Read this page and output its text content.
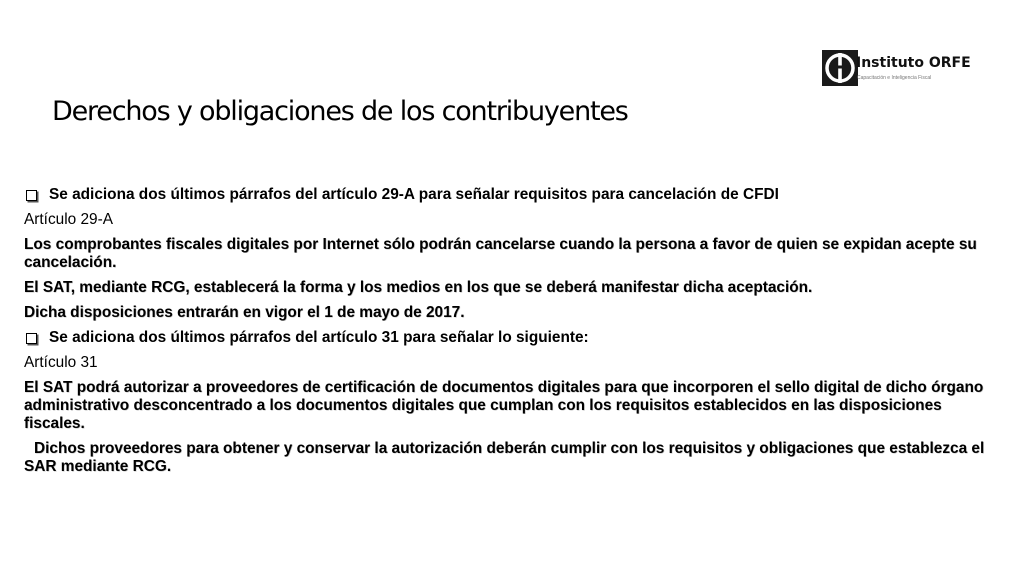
Instituto ORFE
Capacitación e Inteligencia Fiscal
Derechos y obligaciones de los contribuyentes

Se adiciona dos últimos párrafos del artículo 29-A para señalar requisitos para cancelación de CFDI

Artículo 29-A

Los comprobantes fiscales digitales por Internet sólo podrán cancelarse cuando la persona a favor de quien se expidan acepte su cancelación.

El SAT, mediante RCG, establecerá la forma y los medios en los que se deberá manifestar dicha aceptación.

Dicha disposiciones entrarán en vigor el 1 de mayo de 2017.

Se adiciona dos últimos párrafos del artículo 31 para señalar lo siguiente:

Artículo 31

El SAT podrá autorizar a proveedores de certificación de documentos digitales para que incorporen el sello digital de dicho órgano administrativo desconcentrado a los documentos digitales que cumplan con los requisitos establecidos en las disposiciones fiscales.

Dichos proveedores para obtener y conservar la autorización deberán cumplir con los requisitos y obligaciones que establezca el SAR mediante RCG.
